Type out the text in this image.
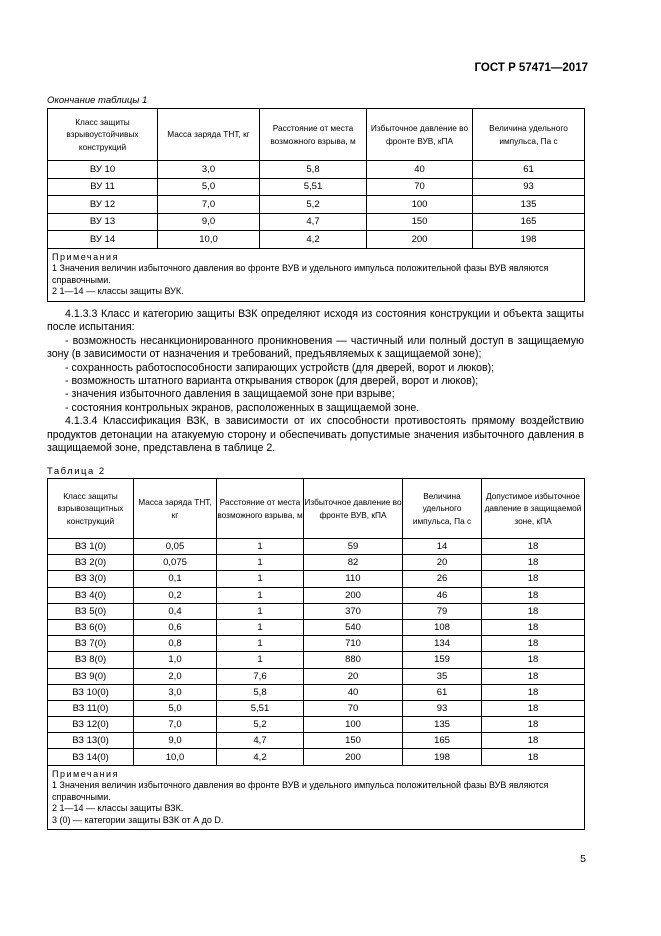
ГОСТ Р 57471—2017
Окончание таблицы 1
Класс защиты взрывоустойчивых конструкций	Масса заряда ТНТ, кг	Расстояние от места возможного взрыва, м	Избыточное давление во фронте ВУВ, кПА	Величина удельного импульса, Па с
ВУ 10	3,0	5,8	40	61
ВУ 11	5,0	5,51	70	93
ВУ 12	7,0	5,2	100	135
ВУ 13	9,0	4,7	150	165
ВУ 14	10,0	4,2	200	198

Примечания
1 Значения величин избыточного давления во фронте ВУВ и удельного импульса положительной фазы ВУВ являются справочными.
2 1—14 — классы защиты ВУК.				

4.1.3.3 Класс и категорию защиты ВЗК определяют исходя из состояния конструкции и объекта защиты после испытания:

- возможность несанкционированного проникновения — частичный или полный доступ в защищаемую зону (в зависимости от назначения и требований, предъявляемых к защищаемой зоне);

- сохранность работоспособности запирающих устройств (для дверей, ворот и люков);

- возможность штатного варианта открывания створок (для дверей, ворот и люков);

- значения избыточного давления в защищаемой зоне при взрыве;

- состояния контрольных экранов, расположенных в защищаемой зоне.

4.1.3.4 Классификация ВЗК, в зависимости от их способности противостоять прямому воздействию продуктов детонации на атакуемую сторону и обеспечивать допустимые значения избыточного давления в защищаемой зоне, представлена в таблице 2.

Таблица 2
Класс защиты взрывозащитных конструкций	Масса заряда ТНТ, кг	Расстояние от места возможного взрыва, м	Избыточное давление во фронте ВУВ, кПА	Величина удельного импульса, Па с	Допустимое избыточное давление в защищаемой зоне, кПА
ВЗ 1(0)	0,05	1	59	14	18
ВЗ 2(0)	0,075	1	82	20	18
ВЗ 3(0)	0,1	1	110	26	18
ВЗ 4(0)	0,2	1	200	46	18
ВЗ 5(0)	0,4	1	370	79	18
ВЗ 6(0)	0,6	1	540	108	18
ВЗ 7(0)	0,8	1	710	134	18
ВЗ 8(0)	1,0	1	880	159	18
ВЗ 9(0)	2,0	7,6	20	35	18
ВЗ 10(0)	3,0	5,8	40	61	18
ВЗ 11(0)	5,0	5,51	70	93	18
ВЗ 12(0)	7,0	5,2	100	135	18
ВЗ 13(0)	9,0	4,7	150	165	18
ВЗ 14(0)	10,0	4,2	200	198	18

Примечания
1 Значения величин избыточного давления во фронте ВУВ и удельного импульса положительной фазы ВУВ являются справочными.
2 1—14 — классы защиты ВЗК.
3 (0) — категории защиты ВЗК от А до D.					
5
